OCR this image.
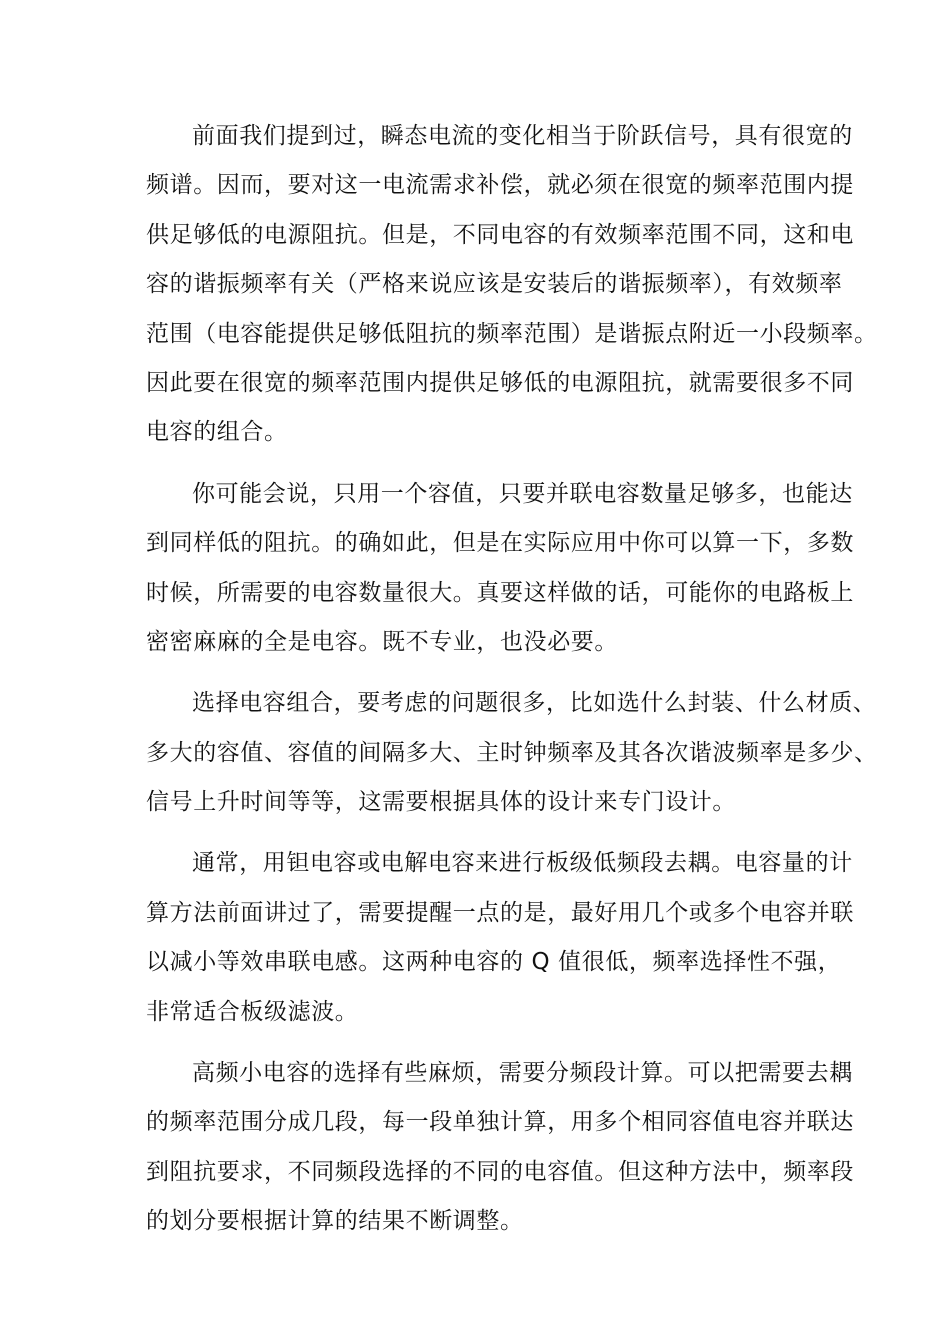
前面我们提到过，瞬态电流的变化相当于阶跃信号，具有很宽的
频谱。因而，要对这一电流需求补偿，就必须在很宽的频率范围内提
供足够低的电源阻抗。但是，不同电容的有效频率范围不同，这和电
容的谐振频率有关（严格来说应该是安装后的谐振频率），有效频率
范围（电容能提供足够低阻抗的频率范围）是谐振点附近一小段频率。
因此要在很宽的频率范围内提供足够低的电源阻抗，就需要很多不同
电容的组合。
你可能会说，只用一个容值，只要并联电容数量足够多，也能达
到同样低的阻抗。的确如此，但是在实际应用中你可以算一下，多数
时候，所需要的电容数量很大。真要这样做的话，可能你的电路板上
密密麻麻的全是电容。既不专业，也没必要。
选择电容组合，要考虑的问题很多，比如选什么封装、什么材质、
多大的容值、容值的间隔多大、主时钟频率及其各次谐波频率是多少、
信号上升时间等等，这需要根据具体的设计来专门设计。
通常，用钽电容或电解电容来进行板级低频段去耦。电容量的计
算方法前面讲过了，需要提醒一点的是，最好用几个或多个电容并联
以减小等效串联电感。这两种电容的 Q 值很低，频率选择性不强，
非常适合板级滤波。
高频小电容的选择有些麻烦，需要分频段计算。可以把需要去耦
的频率范围分成几段，每一段单独计算，用多个相同容值电容并联达
到阻抗要求，不同频段选择的不同的电容值。但这种方法中，频率段
的划分要根据计算的结果不断调整。
